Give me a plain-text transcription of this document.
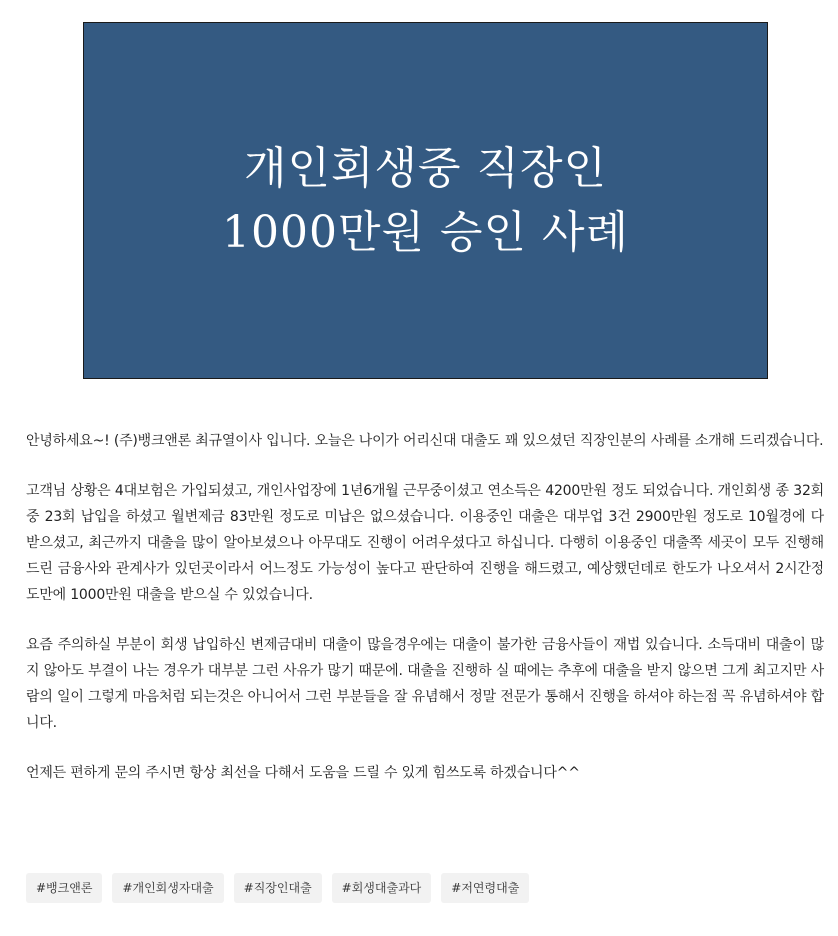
개인회생중 직장인
1000만원 승인 사례

안녕하세요~! (주)뱅크앤론 최규열이사 입니다. 오늘은 나이가 어리신대 대출도 꽤 있으셨던 직장인분의 사례를 소개해 드리겠습니다.

고객님 상황은 4대보험은 가입되셨고, 개인사업장에 1년6개월 근무중이셨고 연소득은 4200만원 정도 되었습니다. 개인회생 종 32회중 23회 납입을 하셨고 월변제금 83만원 정도로 미납은 없으셨습니다. 이용중인 대출은 대부업 3건 2900만원 정도로 10월경에 다 받으셨고, 최근까지 대출을 많이 알아보셨으나 아무대도 진행이 어려우셨다고 하십니다. 다행히 이용중인 대출쪽 세곳이 모두 진행해드린 금융사와 관계사가 있던곳이라서 어느정도 가능성이 높다고 판단하여 진행을 해드렸고, 예상했던데로 한도가 나오셔서 2시간정도만에 1000만원 대출을 받으실 수 있었습니다.

요즘 주의하실 부분이 회생 납입하신 변제금대비 대출이 많을경우에는 대출이 불가한 금융사들이 재법 있습니다. 소득대비 대출이 많지 않아도 부결이 나는 경우가 대부분 그런 사유가 많기 때문에. 대출을 진행하 실 때에는 추후에 대출을 받지 않으면 그게 최고지만 사람의 일이 그렇게 마음처럼 되는것은 아니어서 그런 부분들을 잘 유념해서 정말 전문가 통해서 진행을 하셔야 하는점 꼭 유념하셔야 합니다.

언제든 편하게 문의 주시면 항상 최선을 다해서 도움을 드릴 수 있게 힘쓰도록 하겠습니다^^

#뱅크앤론	#개인회생자대출	#직장인대출	#회생대출과다	#저연령대출
